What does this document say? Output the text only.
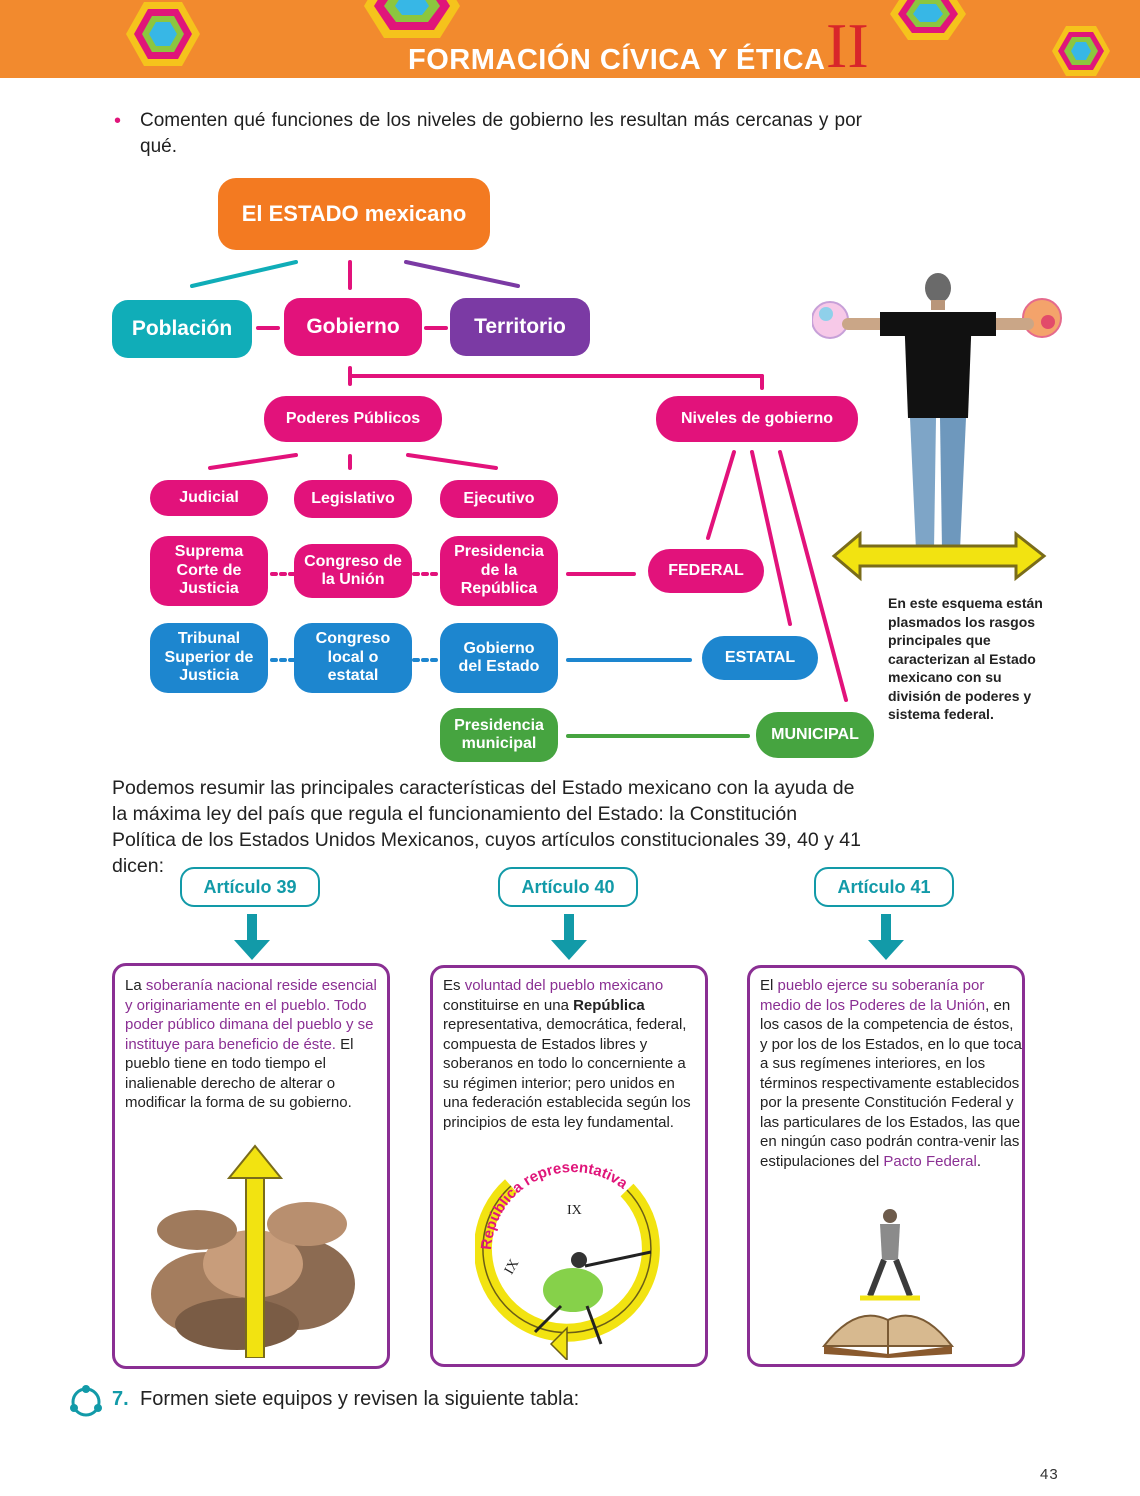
FORMACIÓN CÍVICA Y ÉTICA II
• Comenten qué funciones de los niveles de gobierno les resultan más cercanas y por qué.
El ESTADO mexicano
Población	Gobierno	Territorio
Poderes Públicos	Niveles de gobierno
Judicial	Legislativo	Ejecutivo
Suprema Corte de Justicia
Congreso de la Unión
Presidencia de la República
FEDERAL
Tribunal Superior de Justicia
Congreso local o estatal
Gobierno del Estado
ESTATAL
Presidencia municipal
MUNICIPAL
En este esquema están plasmados los rasgos principales que caracterizan al Estado mexicano con su división de poderes y sistema federal.
Podemos resumir las principales características del Estado mexicano con la ayuda de la máxima ley del país que regula el funcionamiento del Estado: la Constitución Política de los Estados Unidos Mexicanos, cuyos artículos constitucionales 39, 40 y 41 dicen:
Artículo 39	Artículo 40	Artículo 41
La soberanía nacional reside esencial y originariamente en el pueblo. Todo poder público dimana del pueblo y se instituye para beneficio de éste. El pueblo tiene en todo tiempo el inalienable derecho de alterar o modificar la forma de su gobierno.
Es voluntad del pueblo mexicano constituirse en una República representativa, democrática, federal, compuesta de Estados libres y soberanos en todo lo concerniente a su régimen interior; pero unidos en una federación establecida según los principios de esta ley fundamental.
República representativa
IX
IX
El pueblo ejerce su soberanía por medio de los Poderes de la Unión, en los casos de la competencia de éstos, y por los de los Estados, en lo que toca a sus regímenes interiores, en los términos respectivamente establecidos por la presente Constitución Federal y las particulares de los Estados, las que en ningún caso podrán contra-venir las estipulaciones del Pacto Federal.
7. Formen siete equipos y revisen la siguiente tabla:
43
